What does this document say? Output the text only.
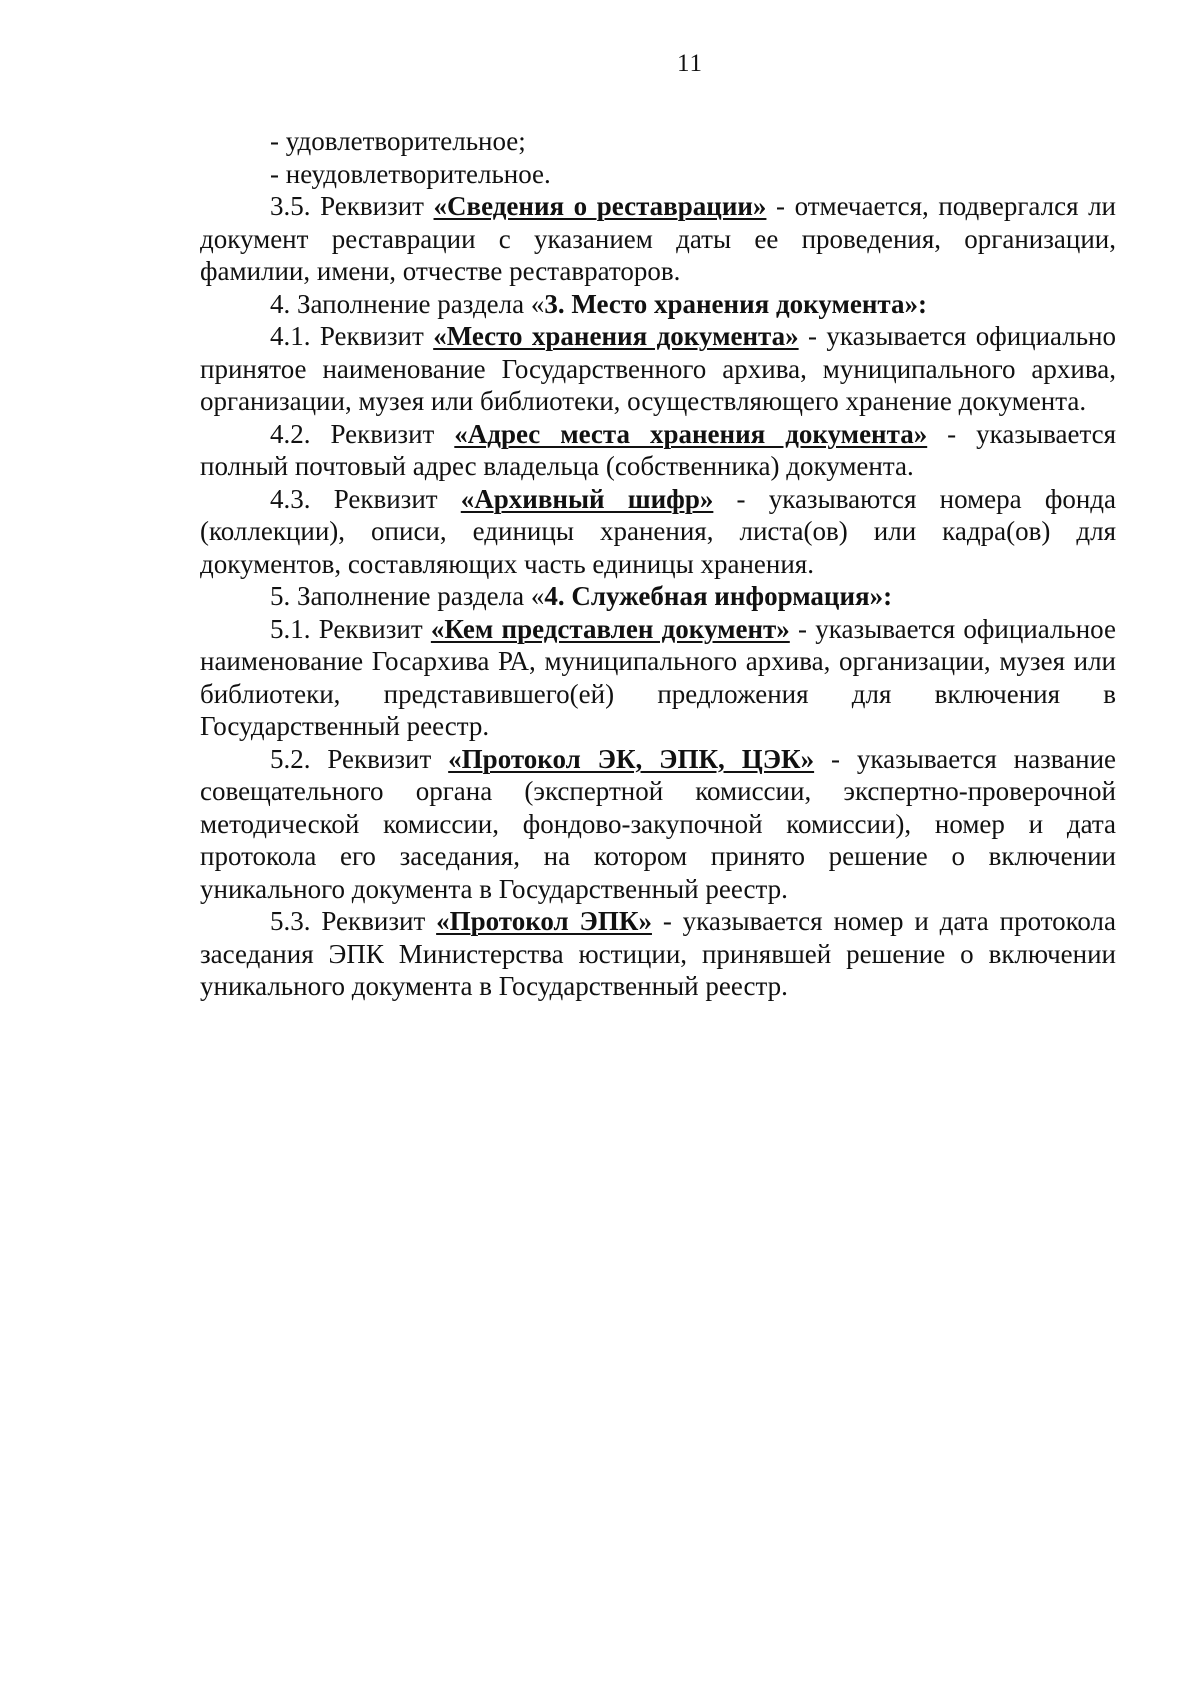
11

- удовлетворительное;

- неудовлетворительное.

3.5. Реквизит «Сведения о реставрации» - отмечается, подвергался ли документ реставрации с указанием даты ее проведения, организации, фамилии, имени, отчестве реставраторов.

4. Заполнение раздела «3. Место хранения документа»:

4.1. Реквизит «Место хранения документа» - указывается официально принятое наименование Государственного архива, муниципального архива, организации, музея или библиотеки, осуществляющего хранение документа.

4.2. Реквизит «Адрес места хранения документа» - указывается полный почтовый адрес владельца (собственника) документа.

4.3. Реквизит «Архивный шифр» - указываются номера фонда (коллекции), описи, единицы хранения, листа(ов) или кадра(ов) для документов, составляющих часть единицы хранения.

5. Заполнение раздела «4. Служебная информация»:

5.1. Реквизит «Кем представлен документ» - указывается официальное наименование Госархива РА, муниципального архива, организации, музея или библиотеки, представившего(ей) предложения для включения в Государственный реестр.

5.2. Реквизит «Протокол ЭК, ЭПК, ЦЭК» - указывается название совещательного органа (экспертной комиссии, экспертно-проверочной методической комиссии, фондово-закупочной комиссии), номер и дата протокола его заседания, на котором принято решение о включении уникального документа в Государственный реестр.

5.3. Реквизит «Протокол ЭПК» - указывается номер и дата протокола заседания ЭПК Министерства юстиции, принявшей решение о включении уникального документа в Государственный реестр.
